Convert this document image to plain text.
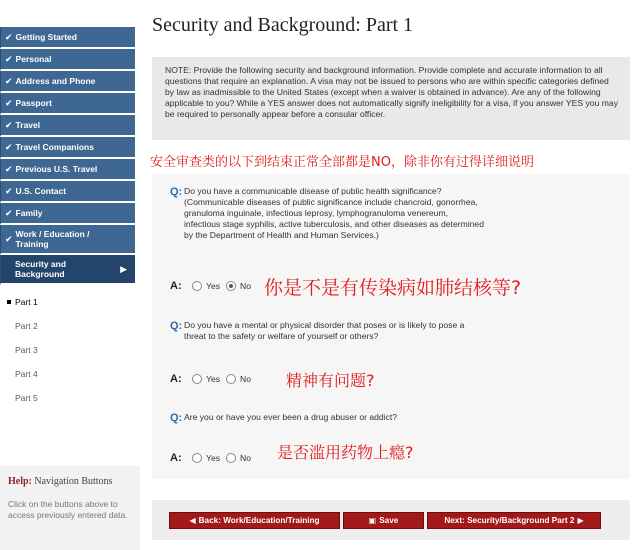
✔ Getting Started
✔ Personal
✔ Address and Phone
✔ Passport
✔ Travel
✔ Travel Companions
✔ Previous U.S. Travel
✔ U.S. Contact
✔ Family
✔ Work / Education / Training
Security and Background	▶
Part 1
Part 2
Part 3
Part 4
Part 5
Help: Navigation Buttons
Click on the buttons above to access previously entered data.
Security and Background: Part 1
NOTE: Provide the following security and background information. Provide complete and accurate information to all questions that require an explanation. A visa may not be issued to persons who are within specific categories defined by law as inadmissible to the United States (except when a waiver is obtained in advance). Are any of the following applicable to you? While a YES answer does not automatically signify ineligibility for a visa, if you answer YES you may be required to personally appear before a consular officer.
安全审查类的以下到结束正常全部都是NO，除非你有过得详细说明
Q: Do you have a communicable disease of public health significance? (Communicable diseases of public significance include chancroid, gonorrhea, granuloma inguinale, infectious leprosy, lymphogranuloma venereum, infectious stage syphilis, active tuberculosis, and other diseases as determined by the Department of Health and Human Services.)
A:	Yes No 你是不是有传染病如肺结核等?
Q: Do you have a mental or physical disorder that poses or is likely to pose a threat to the safety or welfare of yourself or others?
A:	Yes No 精神有问题?
Q: Are you or have you ever been a drug abuser or addict?
A:	Yes No 是否滥用药物上瘾?
◀ Back: Work/Education/Training	▣ Save	Next: Security/Background Part 2 ▶
